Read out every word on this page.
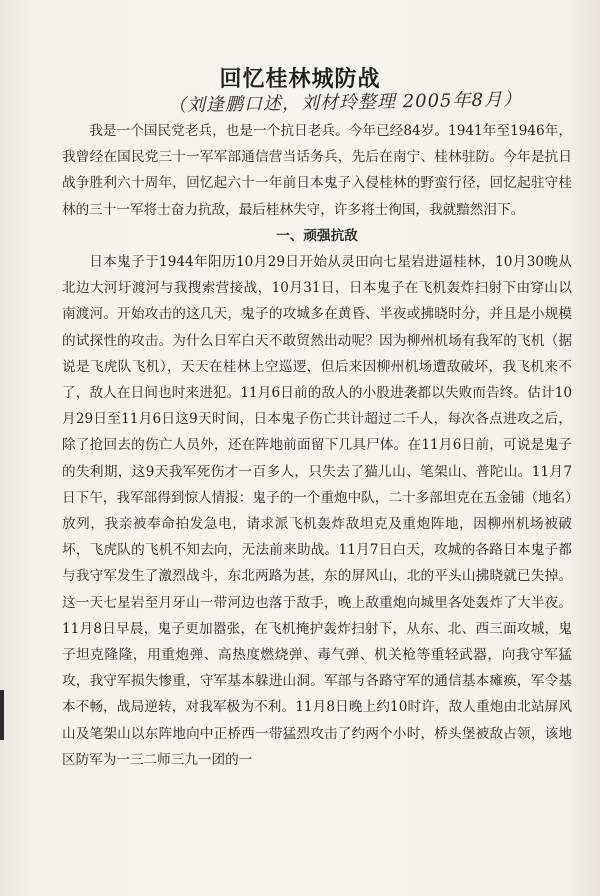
回忆桂林城防战
（刘逢鹏口述，刘材玲整理 2005年8月）

我是一个国民党老兵，也是一个抗日老兵。今年已经84岁。1941年至1946年，我曾经在国民党三十一军军部通信营当话务兵，先后在南宁、桂林驻防。今年是抗日战争胜利六十周年，回忆起六十一年前日本鬼子入侵桂林的野蛮行径，回忆起驻守桂林的三十一军将士奋力抗敌，最后桂林失守，许多将士徇国，我就黯然泪下。

一、顽强抗敌

日本鬼子于1944年阳历10月29日开始从灵田向七星岩进逼桂林，10月30晚从北边大河圩渡河与我搜索营接战，10月31日，日本鬼子在飞机轰炸扫射下由穿山以南渡河。开始攻击的这几天，鬼子的攻城多在黄昏、半夜或拂晓时分，并且是小规模的试探性的攻击。为什么日军白天不敢贸然出动呢？因为柳州机场有我军的飞机（据说是飞虎队飞机），天天在桂林上空巡逻，但后来因柳州机场遭敌破坏，我飞机来不了，敌人在日间也时来进犯。11月6日前的敌人的小股进袭都以失败而告终。估计10月29日至11月6日这9天时间，日本鬼子伤亡共计超过二千人，每次各点进攻之后，除了抢回去的伤亡人员外，还在阵地前面留下几具尸体。在11月6日前，可说是鬼子的失利期，这9天我军死伤才一百多人，只失去了猫儿山、笔架山、普陀山。11月7日下午，我军部得到惊人情报：鬼子的一个重炮中队，二十多部坦克在五金铺（地名）放列，我亲被奉命拍发急电，请求派飞机轰炸敌坦克及重炮阵地，因柳州机场被破坏，飞虎队的飞机不知去向，无法前来助战。11月7日白天，攻城的各路日本鬼子都与我守军发生了激烈战斗，东北两路为甚，东的屏风山，北的平头山拂晓就已失掉。这一天七星岩至月牙山一带河边也落于敌手，晚上敌重炮向城里各处轰炸了大半夜。11月8日早晨，鬼子更加嚣张，在飞机掩护轰炸扫射下，从东、北、西三面攻城，鬼子坦克隆隆，用重炮弹、高热度燃烧弹、毒气弹、机关枪等重轻武器，向我守军猛攻，我守军损失惨重，守军基本躲进山洞。军部与各路守军的通信基本瘫痪，军令基本不畅，战局逆转，对我军极为不利。11月8日晚上约10时许，敌人重炮由北站屏风山及笔架山以东阵地向中正桥西一带猛烈攻击了约两个小时，桥头堡被敌占领，该地区防军为一三二师三九一团的一
